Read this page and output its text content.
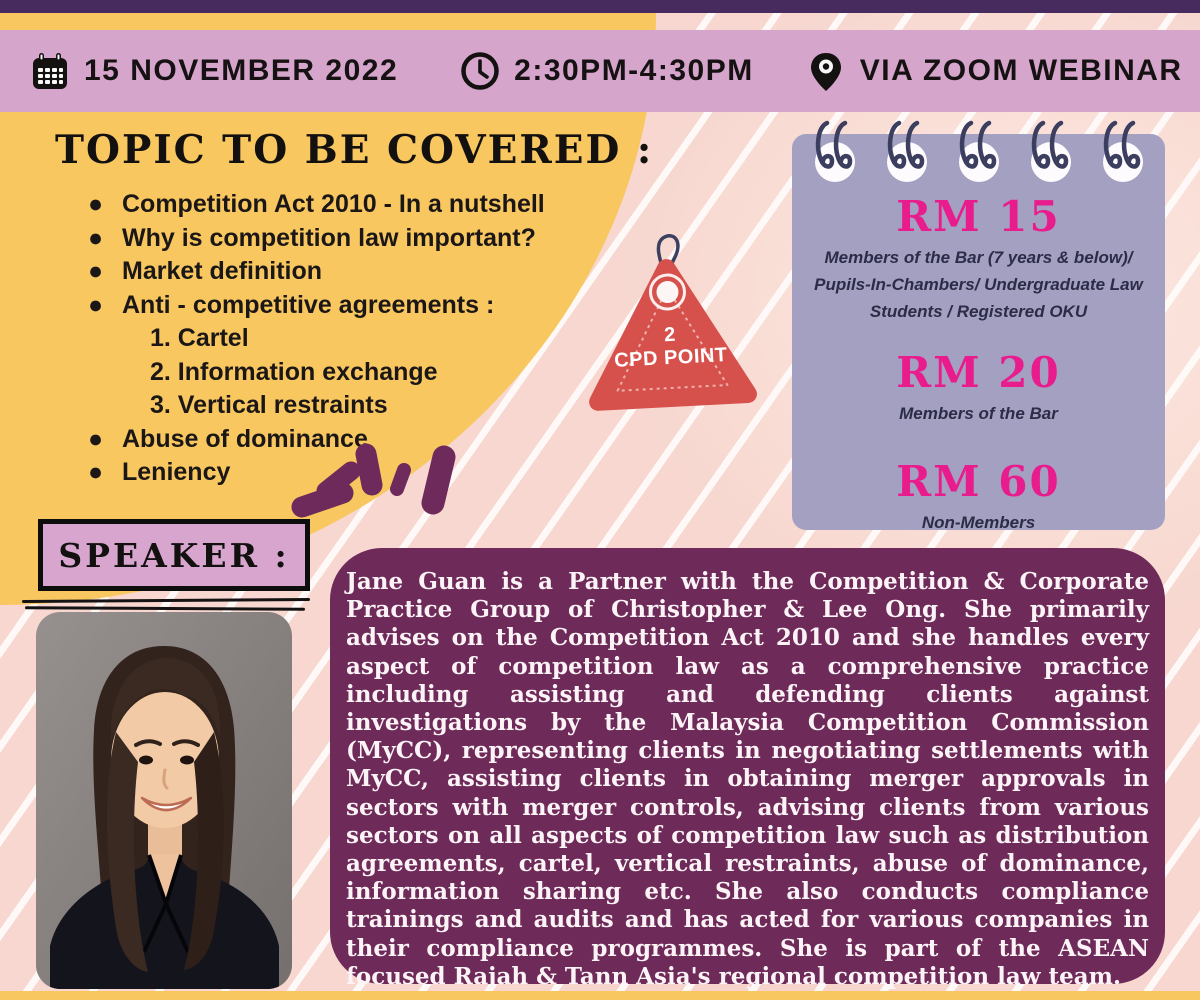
15 NOVEMBER 2022	2:30PM-4:30PM	VIA ZOOM WEBINAR
TOPIC TO BE COVERED :
● Competition Act 2010 - In a nutshell
● Why is competition law important?
● Market definition
● Anti - competitive agreements :
1. Cartel
2. Information exchange
3. Vertical restraints
● Abuse of dominance
● Leniency
2
CPD POINT
RM 15
Members of the Bar (7 years & below)/ Pupils-In-Chambers/ Undergraduate Law Students / Registered OKU
RM 20
Members of the Bar
RM 60
Non-Members
SPEAKER :

Jane Guan is a Partner with the Competition & Corporate Practice Group of Christopher & Lee Ong. She primarily advises on the Competition Act 2010 and she handles every aspect of competition law as a comprehensive practice including assisting and defending clients against investigations by the Malaysia Competition Commission (MyCC), representing clients in negotiating settlements with MyCC, assisting clients in obtaining merger approvals in sectors with merger controls, advising clients from various sectors on all aspects of competition law such as distribution agreements, cartel, vertical restraints, abuse of dominance, information sharing etc. She also conducts compliance trainings and audits and has acted for various companies in their compliance programmes. She is part of the ASEAN focused Rajah & Tann Asia's regional competition law team.
